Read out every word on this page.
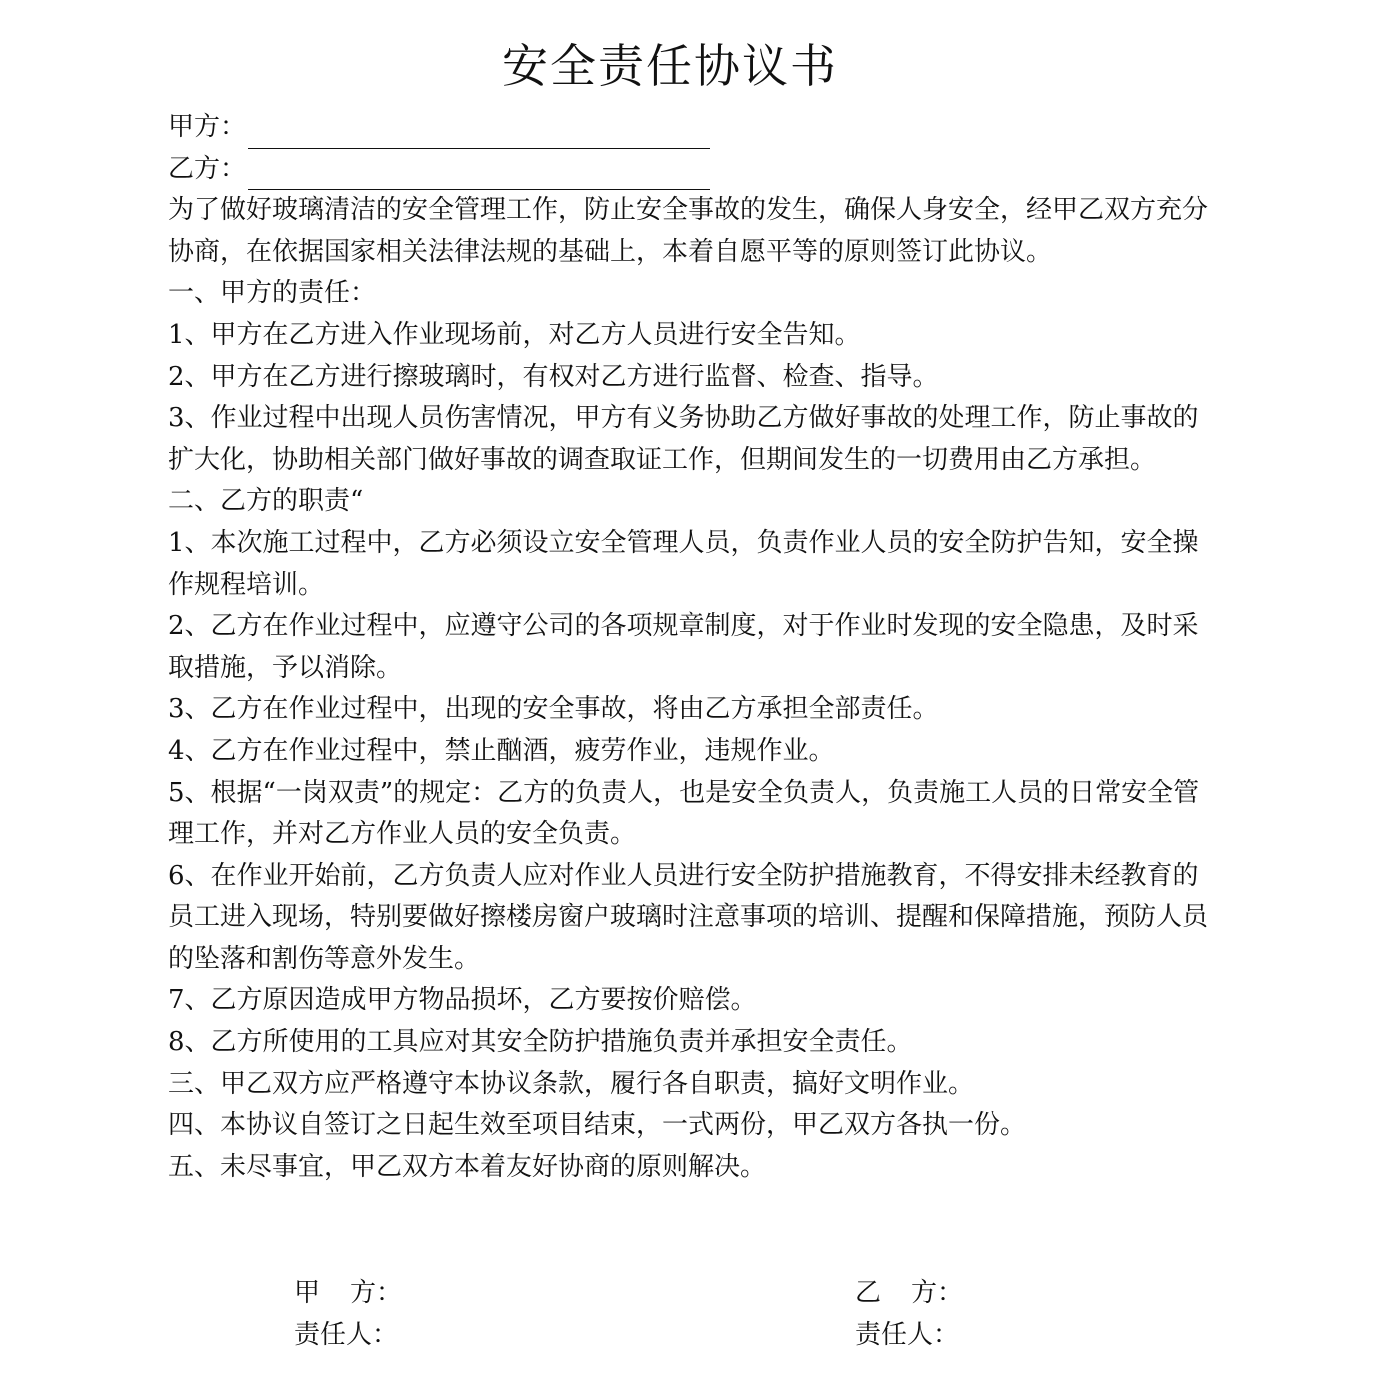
安全责任协议书
甲方：
乙方：
为了做好玻璃清洁的安全管理工作，防止安全事故的发生，确保人身安全，经甲乙双方充分
协商，在依据国家相关法律法规的基础上，本着自愿平等的原则签订此协议。
一、甲方的责任：
1、甲方在乙方进入作业现场前，对乙方人员进行安全告知。
2、甲方在乙方进行擦玻璃时，有权对乙方进行监督、检查、指导。
3、作业过程中出现人员伤害情况，甲方有义务协助乙方做好事故的处理工作，防止事故的
扩大化，协助相关部门做好事故的调查取证工作，但期间发生的一切费用由乙方承担。
二、乙方的职责“
1、本次施工过程中，乙方必须设立安全管理人员，负责作业人员的安全防护告知，安全操
作规程培训。
2、乙方在作业过程中，应遵守公司的各项规章制度，对于作业时发现的安全隐患，及时采
取措施，予以消除。
3、乙方在作业过程中，出现的安全事故，将由乙方承担全部责任。
4、乙方在作业过程中，禁止酗酒，疲劳作业，违规作业。
5、根据“一岗双责”的规定：乙方的负责人，也是安全负责人，负责施工人员的日常安全管
理工作，并对乙方作业人员的安全负责。
6、在作业开始前，乙方负责人应对作业人员进行安全防护措施教育，不得安排未经教育的
员工进入现场，特别要做好擦楼房窗户玻璃时注意事项的培训、提醒和保障措施，预防人员
的坠落和割伤等意外发生。
7、乙方原因造成甲方物品损坏，乙方要按价赔偿。
8、乙方所使用的工具应对其安全防护措施负责并承担安全责任。
三、甲乙双方应严格遵守本协议条款，履行各自职责，搞好文明作业。
四、本协议自签订之日起生效至项目结束，一式两份，甲乙双方各执一份。
五、未尽事宜，甲乙双方本着友好协商的原则解决。
甲 方：
责任人：
乙 方：
责任人：
